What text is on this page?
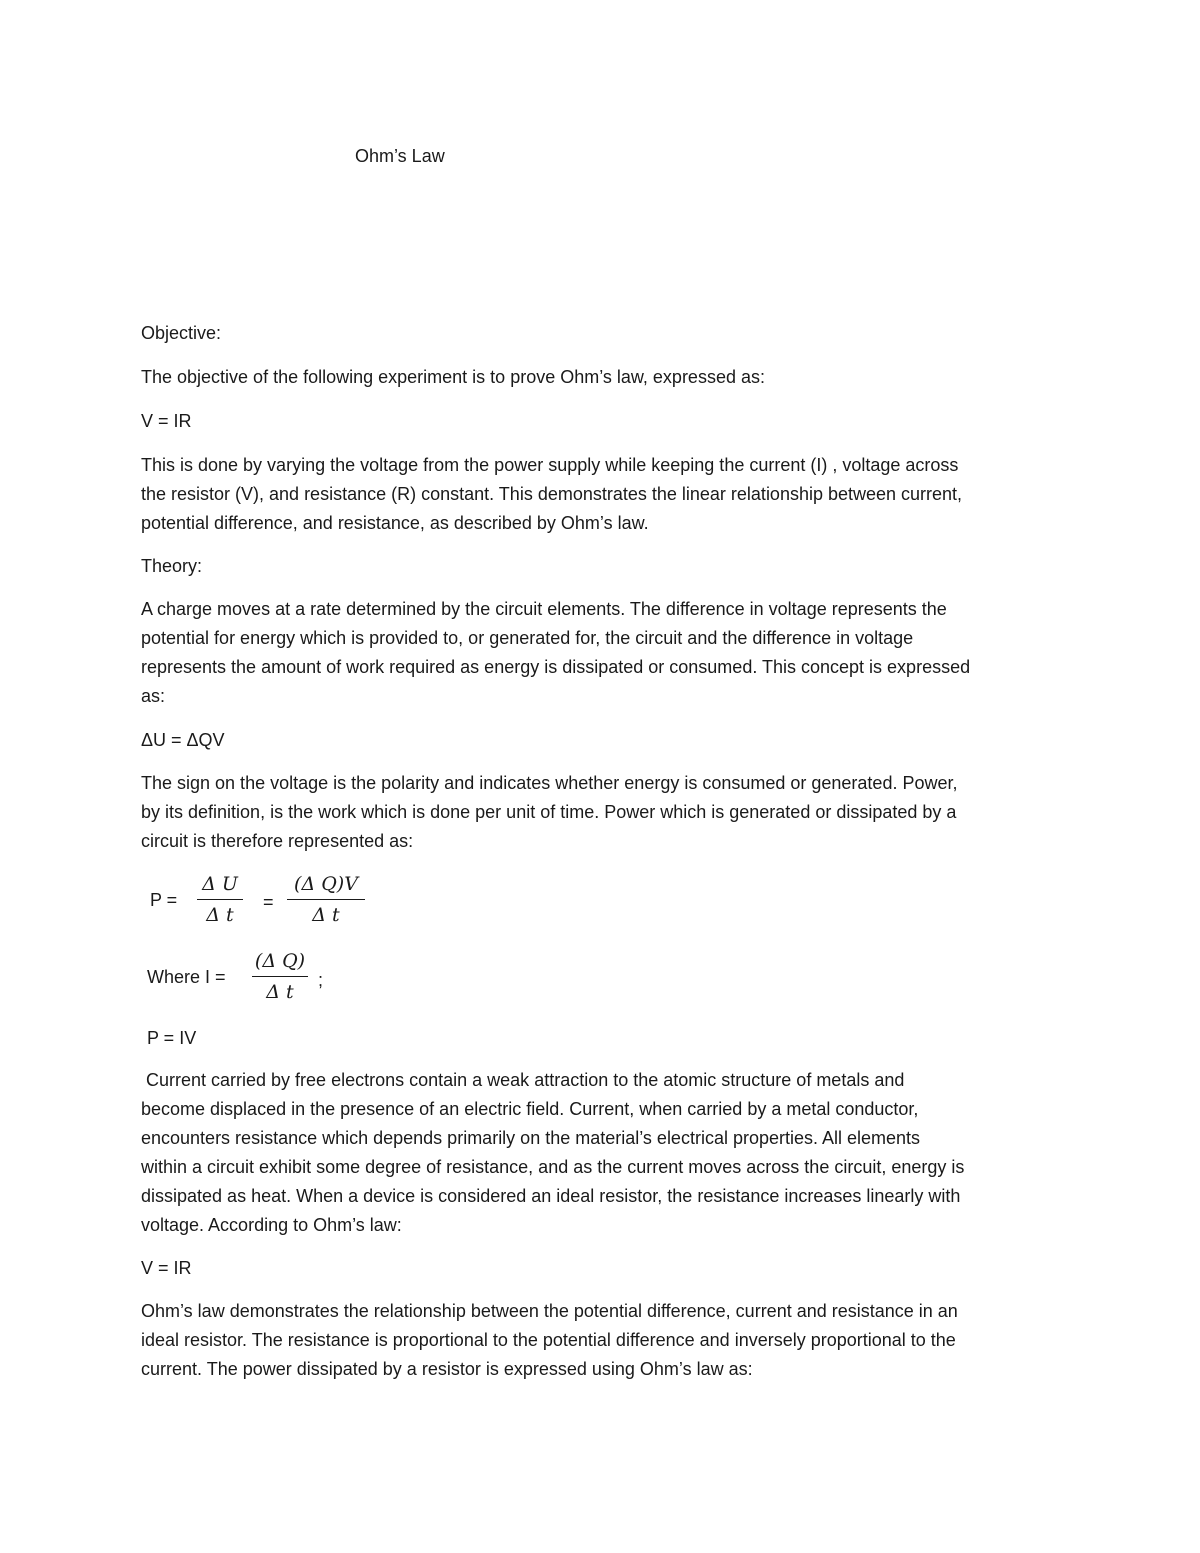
Ohm’s Law
Objective:
The objective of the following experiment is to prove Ohm’s law, expressed as:
V = IR
This is done by varying the voltage from the power supply while keeping the current (I) , voltage across
the resistor (V), and resistance (R) constant. This demonstrates the linear relationship between current,
potential difference, and resistance, as described by Ohm’s law.
Theory:
A charge moves at a rate determined by the circuit elements. The difference in voltage represents the
potential for energy which is provided to, or generated for, the circuit and the difference in voltage
represents the amount of work required as energy is dissipated or consumed. This concept is expressed
as:
ΔU = ΔQV
The sign on the voltage is the polarity and indicates whether energy is consumed or generated. Power,
by its definition, is the work which is done per unit of time. Power which is generated or dissipated by a
circuit is therefore represented as:
P =
Δ U
Δ t
=
(Δ Q)V
Δ t
Where I =
(Δ Q)
Δ t
;
P = IV
Current carried by free electrons contain a weak attraction to the atomic structure of metals and
become displaced in the presence of an electric field. Current, when carried by a metal conductor,
encounters resistance which depends primarily on the material’s electrical properties. All elements
within a circuit exhibit some degree of resistance, and as the current moves across the circuit, energy is
dissipated as heat. When a device is considered an ideal resistor, the resistance increases linearly with
voltage. According to Ohm’s law:
V = IR
Ohm’s law demonstrates the relationship between the potential difference, current and resistance in an
ideal resistor. The resistance is proportional to the potential difference and inversely proportional to the
current. The power dissipated by a resistor is expressed using Ohm’s law as:
